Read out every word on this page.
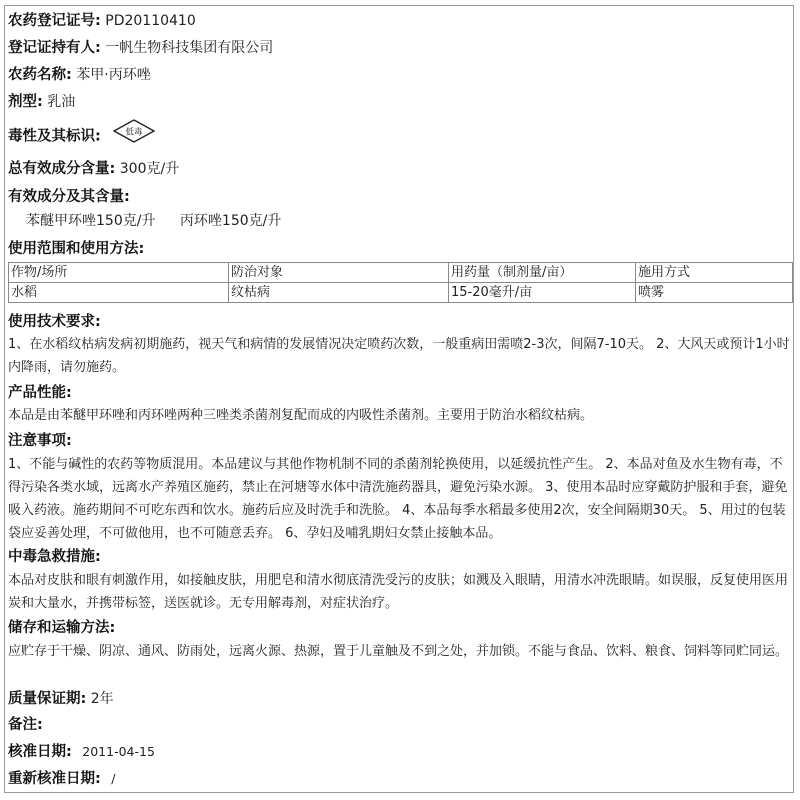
农药登记证号: PD20110410
登记证持有人: 一帆生物科技集团有限公司
农药名称: 苯甲·丙环唑
剂型: 乳油
毒性及其标识:	低毒
总有效成分含量: 300克/升
有效成分及其含量:
苯醚甲环唑150克/升 丙环唑150克/升
使用范围和使用方法:
作物/场所	防治对象	用药量（制剂量/亩）	施用方式
水稻	纹枯病	15-20毫升/亩	喷雾
使用技术要求:
1、在水稻纹枯病发病初期施药，视天气和病情的发展情况决定喷药次数，一般重病田需喷2-3次，间隔7-10天。 2、大风天或预计1小时内降雨，请勿施药。
产品性能:
本品是由苯醚甲环唑和丙环唑两种三唑类杀菌剂复配而成的内吸性杀菌剂。主要用于防治水稻纹枯病。
注意事项:
1、不能与碱性的农药等物质混用。本品建议与其他作物机制不同的杀菌剂轮换使用，以延缓抗性产生。 2、本品对鱼及水生物有毒，不得污染各类水域，远离水产养殖区施药，禁止在河塘等水体中清洗施药器具，避免污染水源。 3、使用本品时应穿戴防护服和手套，避免吸入药液。施药期间不可吃东西和饮水。施药后应及时洗手和洗脸。 4、本品每季水稻最多使用2次，安全间隔期30天。 5、用过的包装袋应妥善处理，不可做他用，也不可随意丢弃。 6、孕妇及哺乳期妇女禁止接触本品。
中毒急救措施:
本品对皮肤和眼有刺激作用，如接触皮肤，用肥皂和清水彻底清洗受污的皮肤；如溅及入眼睛，用清水冲洗眼睛。如误服，反复使用医用炭和大量水，并携带标签，送医就诊。无专用解毒剂，对症状治疗。
储存和运输方法:
应贮存于干燥、阴凉、通风、防雨处，远离火源、热源，置于儿童触及不到之处，并加锁。不能与食品、饮料、粮食、饲料等同贮同运。
质量保证期: 2年
备注:
核准日期: 2011-04-15
重新核准日期: /
